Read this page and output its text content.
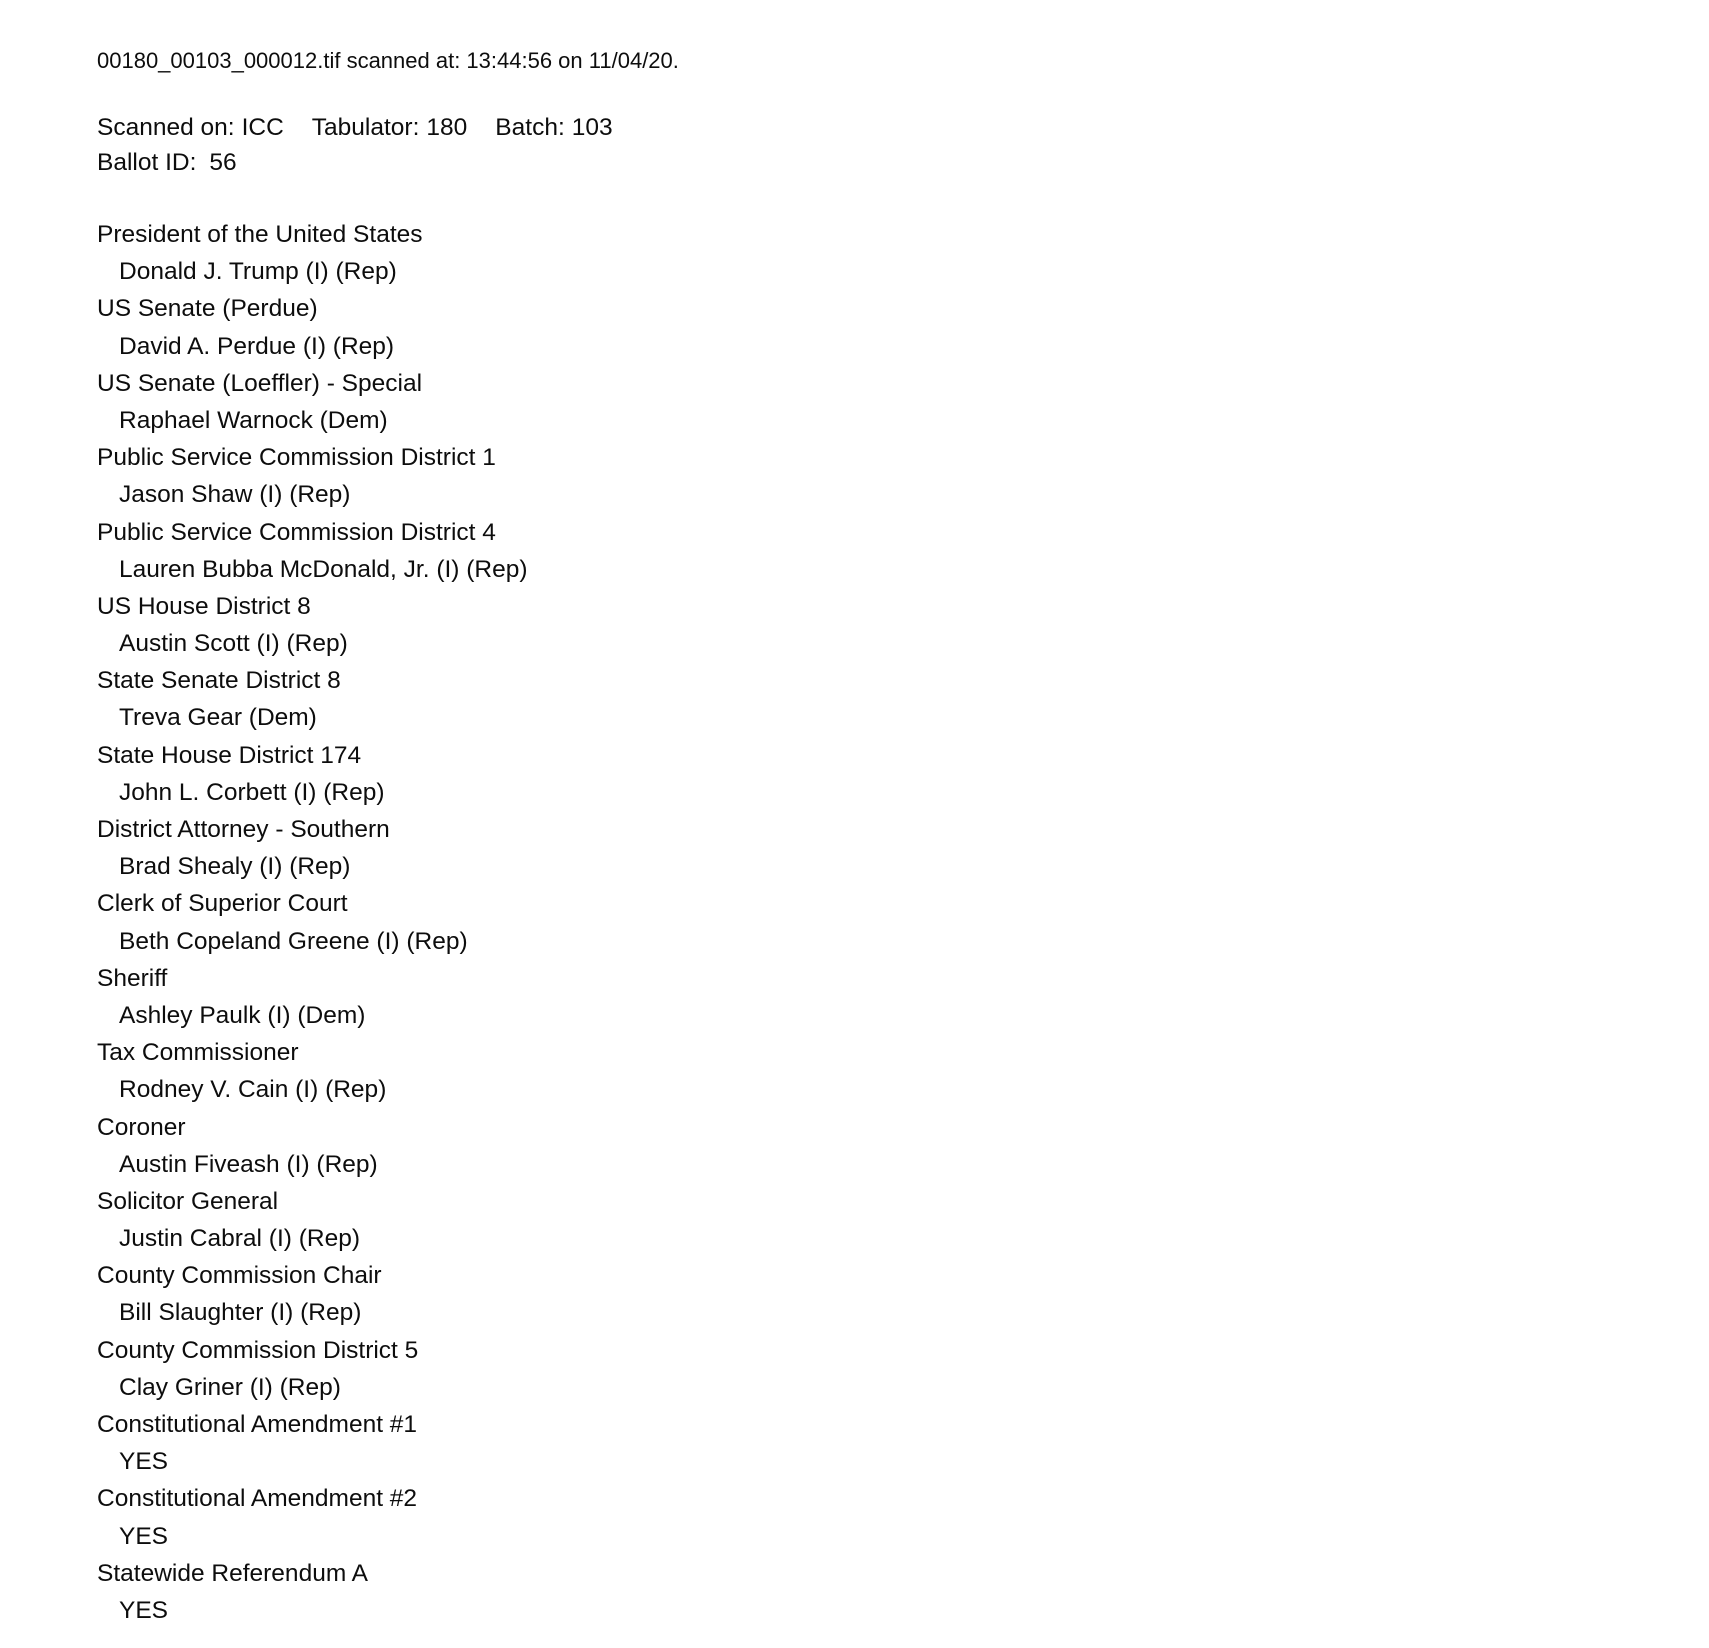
00180_00103_000012.tif scanned at: 13:44:56 on 11/04/20.
Scanned on: ICC Tabulator: 180 Batch: 103
Ballot ID: 56
President of the United States
Donald J. Trump (I) (Rep)
US Senate (Perdue)
David A. Perdue (I) (Rep)
US Senate (Loeffler) - Special
Raphael Warnock (Dem)
Public Service Commission District 1
Jason Shaw (I) (Rep)
Public Service Commission District 4
Lauren Bubba McDonald, Jr. (I) (Rep)
US House District 8
Austin Scott (I) (Rep)
State Senate District 8
Treva Gear (Dem)
State House District 174
John L. Corbett (I) (Rep)
District Attorney - Southern
Brad Shealy (I) (Rep)
Clerk of Superior Court
Beth Copeland Greene (I) (Rep)
Sheriff
Ashley Paulk (I) (Dem)
Tax Commissioner
Rodney V. Cain (I) (Rep)
Coroner
Austin Fiveash (I) (Rep)
Solicitor General
Justin Cabral (I) (Rep)
County Commission Chair
Bill Slaughter (I) (Rep)
County Commission District 5
Clay Griner (I) (Rep)
Constitutional Amendment #1
YES
Constitutional Amendment #2
YES
Statewide Referendum A
YES
